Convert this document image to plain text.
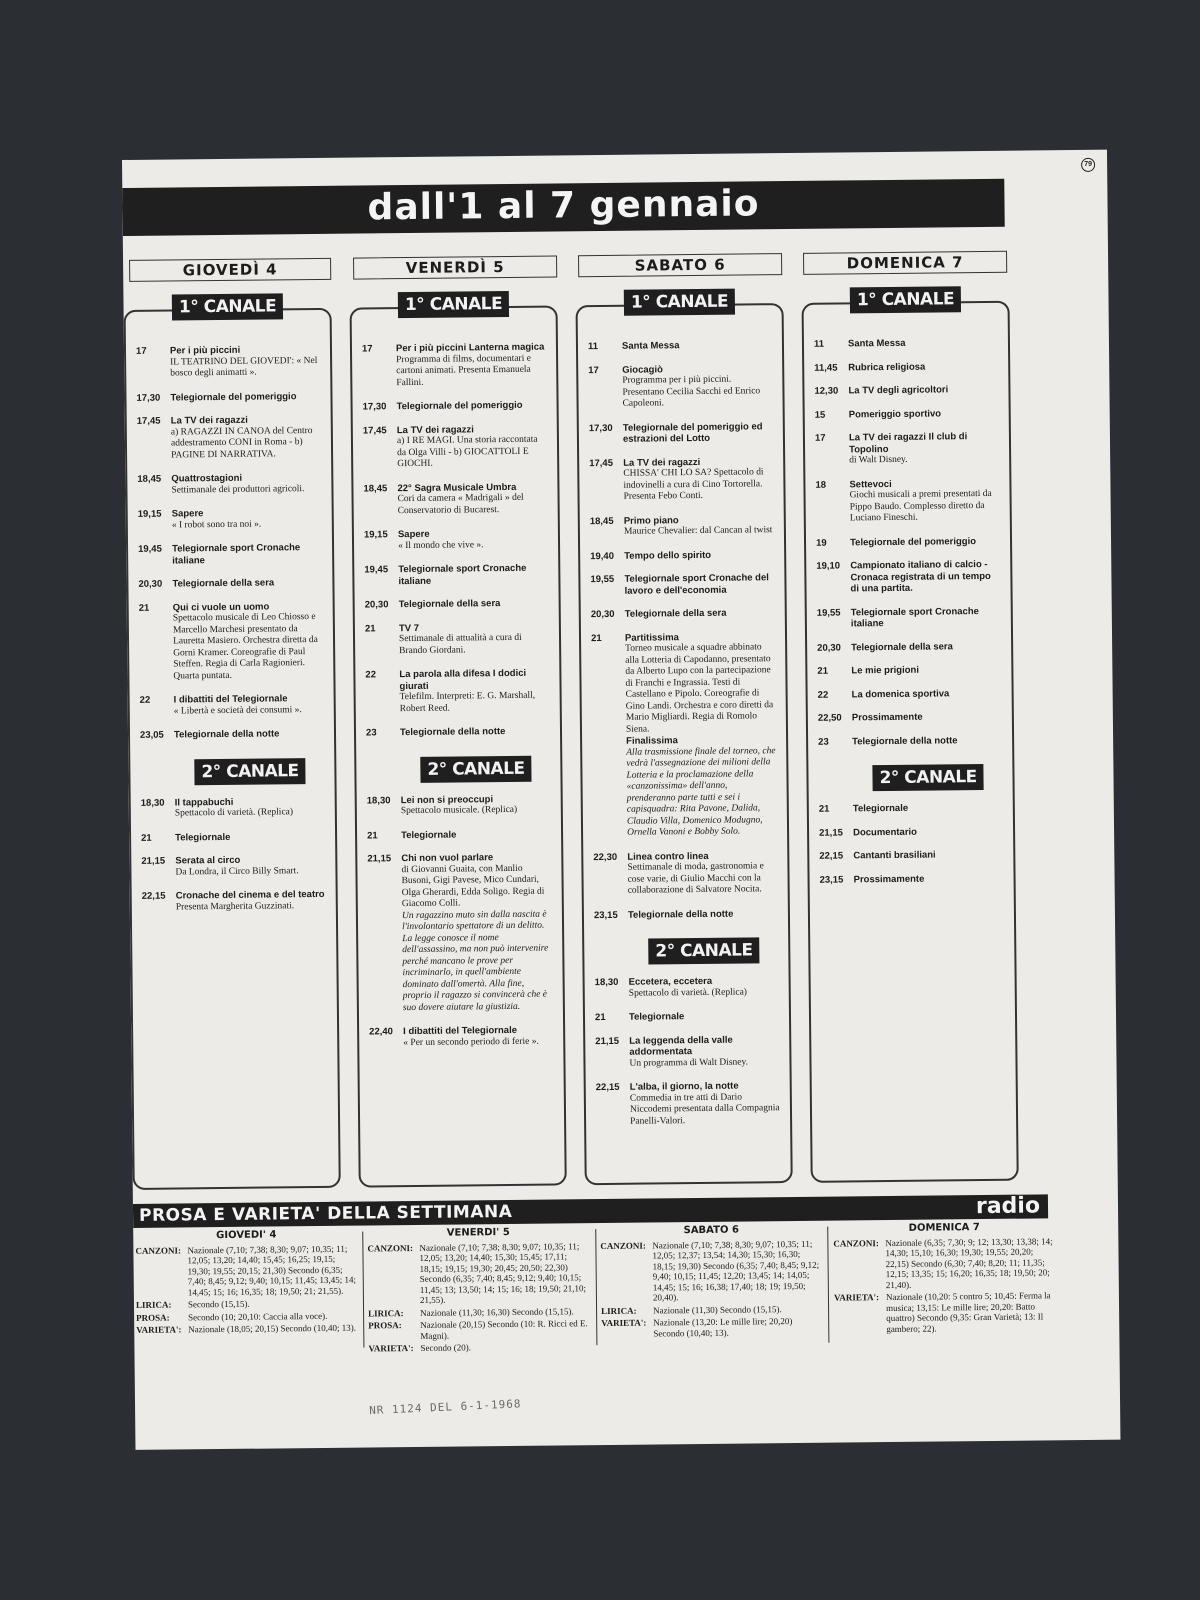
79
dall'1 al 7 gennaio
GIOVEDÌ 4	VENERDÌ 5	SABATO 6	DOMENICA 7
1° CANALE
17	Per i più piccini
IL TEATRINO DEL GIOVEDI': « Nel bosco degli animatti ».
17,30	Telegiornale del pomeriggio
17,45	La TV dei ragazzi
a) RAGAZZI IN CANOA del Centro addestramento CONI in Roma - b) PAGINE DI NARRATIVA.
18,45	Quattrostagioni
Settimanale dei produttori agricoli.
19,15	Sapere
« I robot sono tra noi ».
19,45	Telegiornale sport Cronache italiane
20,30	Telegiornale della sera
21	Qui ci vuole un uomo
Spettacolo musicale di Leo Chiosso e Marcello Marchesi presentato da Lauretta Masiero. Orchestra diretta da Gorni Kramer. Coreografie di Paul Steffen. Regia di Carla Ragionieri. Quarta puntata.
22	I dibattiti del Telegiornale
« Libertà e società dei consumi ».
23,05	Telegiornale della notte
2° CANALE
18,30	Il tappabuchi
Spettacolo di varietà. (Replica)
21	Telegiornale
21,15	Serata al circo
Da Londra, il Circo Billy Smart.
22,15	Cronache del cinema e del teatro
Presenta Margherita Guzzinati.
1° CANALE
17	Per i più piccini Lanterna magica
Programma di films, documentari e cartoni animati. Presenta Emanuela Fallini.
17,30	Telegiornale del pomeriggio
17,45	La TV dei ragazzi
a) I RE MAGI. Una storia raccontata da Olga Villi - b) GIOCATTOLI E GIOCHI.
18,45	22° Sagra Musicale Umbra
Cori da camera « Madrigali » del Conservatorio di Bucarest.
19,15	Sapere
« Il mondo che vive ».
19,45	Telegiornale sport Cronache italiane
20,30	Telegiornale della sera
21	TV 7
Settimanale di attualità a cura di Brando Giordani.
22	La parola alla difesa I dodici giurati
Telefilm. Interpreti: E. G. Marshall, Robert Reed.
23	Telegiornale della notte
2° CANALE
18,30	Lei non si preoccupi
Spettacolo musicale. (Replica)
21	Telegiornale
21,15	Chi non vuol parlare
di Giovanni Guaita, con Manlio Busoni, Gigi Pavese, Mico Cundari, Olga Gherardi, Edda Soligo. Regia di Giacomo Colli.
Un ragazzino muto sin dalla nascita è l'involontario spettatore di un delitto. La legge conosce il nome dell'assassino, ma non può intervenire perché mancano le prove per incriminarlo, in quell'ambiente dominato dall'omertà. Alla fine, proprio il ragazzo si convincerà che è suo dovere aiutare la giustizia.
22,40	I dibattiti del Telegiornale
« Per un secondo periodo di ferie ».
1° CANALE
11	Santa Messa
17	Giocagiò
Programma per i più piccini. Presentano Cecilia Sacchi ed Enrico Capoleoni.
17,30	Telegiornale del pomeriggio ed estrazioni del Lotto
17,45	La TV dei ragazzi
CHISSA' CHI LO SA? Spettacolo di indovinelli a cura di Cino Tortorella. Presenta Febo Conti.
18,45	Primo piano
Maurice Chevalier: dal Cancan al twist
19,40	Tempo dello spirito
19,55	Telegiornale sport Cronache del lavoro e dell'economia
20,30	Telegiornale della sera
21	Partitissima
Torneo musicale a squadre abbinato alla Lotteria di Capodanno, presentato da Alberto Lupo con la partecipazione di Franchi e Ingrassia. Testi di Castellano e Pipolo. Coreografie di Gino Landi. Orchestra e coro diretti da Mario Migliardi. Regia di Romolo Siena.
Finalissima
Alla trasmissione finale del torneo, che vedrà l'assegnazione dei milioni della Lotteria e la proclamazione della «canzonissima» dell'anno, prenderanno parte tutti e sei i capisquadra: Rita Pavone, Dalida, Claudio Villa, Domenico Modugno, Ornella Vanoni e Bobby Solo.
22,30	Linea contro linea
Settimanale di moda, gastronomia e cose varie, di Giulio Macchi con la collaborazione di Salvatore Nocita.
23,15	Telegiornale della notte
2° CANALE
18,30	Eccetera, eccetera
Spettacolo di varietà. (Replica)
21	Telegiornale
21,15	La leggenda della valle addormentata
Un programma di Walt Disney.
22,15	L'alba, il giorno, la notte
Commedia in tre atti di Dario Niccodemi presentata dalla Compagnia Panelli-Valori.
1° CANALE
11	Santa Messa
11,45	Rubrica religiosa
12,30	La TV degli agricoltori
15	Pomeriggio sportivo
17	La TV dei ragazzi Il club di Topolino
di Walt Disney.
18	Settevoci
Giochi musicali a premi presentati da Pippo Baudo. Complesso diretto da Luciano Fineschi.
19	Telegiornale del pomeriggio
19,10	Campionato italiano di calcio - Cronaca registrata di un tempo di una partita.
19,55	Telegiornale sport Cronache italiane
20,30	Telegiornale della sera
21	Le mie prigioni
22	La domenica sportiva
22,50	Prossimamente
23	Telegiornale della notte
2° CANALE
21	Telegiornale
21,15	Documentario
22,15	Cantanti brasiliani
23,15	Prossimamente
PROSA E VARIETA' DELLA SETTIMANA	radio
GIOVEDI' 4
CANZONI: Nazionale (7,10; 7,38; 8,30; 9,07; 10,35; 11; 12,05; 13,20; 14,40; 15,45; 16,25; 19,15; 19,30; 19,55; 20,15; 21,30) Secondo (6,35; 7,40; 8,45; 9,12; 9,40; 10,15; 11,45; 13,45; 14; 14,45; 15; 16; 16,35; 18; 19,50; 21; 21,55).
LIRICA:	Secondo (15,15).
PROSA:	Secondo (10; 20,10: Caccia alla voce).
VARIETA': Nazionale (18,05; 20,15) Secondo (10,40; 13).
VENERDI' 5
CANZONI: Nazionale (7,10; 7,38; 8,30; 9,07; 10,35; 11; 12,05; 13,20; 14,40; 15,30; 15,45; 17,11; 18,15; 19,15; 19,30; 20,45; 20,50; 22,30) Secondo (6,35; 7,40; 8,45; 9,12; 9,40; 10,15; 11,45; 13; 13,50; 14; 15; 16; 18; 19,50; 21,10; 21,55).
LIRICA:	Nazionale (11,30; 16,30) Secondo (15,15).
PROSA:	Nazionale (20,15) Secondo (10: R. Ricci ed E. Magni).
VARIETA': Secondo (20).
SABATO 6
CANZONI: Nazionale (7,10; 7,38; 8,30; 9,07; 10,35; 11; 12,05; 12,37; 13,54; 14,30; 15,30; 16,30; 18,15; 19,30) Secondo (6,35; 7,40; 8,45; 9,12; 9,40; 10,15; 11,45; 12,20; 13,45; 14; 14,05; 14,45; 15; 16; 16,38; 17,40; 18; 19; 19,50; 20,40).
LIRICA:	Nazionale (11,30) Secondo (15,15).
VARIETA': Nazionale (13,20: Le mille lire; 20,20) Secondo (10,40; 13).
DOMENICA 7
CANZONI: Nazionale (6,35; 7,30; 9; 12; 13,30; 13,38; 14; 14,30; 15,10; 16,30; 19,30; 19,55; 20,20; 22,15) Secondo (6,30; 7,40; 8,20; 11; 11,35; 12,15; 13,35; 15; 16,20; 16,35; 18; 19,50; 20; 21,40).
VARIETA': Nazionale (10,20: 5 contro 5; 10,45: Ferma la musica; 13,15: Le mille lire; 20,20: Batto quattro) Secondo (9,35: Gran Varietà; 13: Il gambero; 22).
NR 1124 DEL 6-1-1968
